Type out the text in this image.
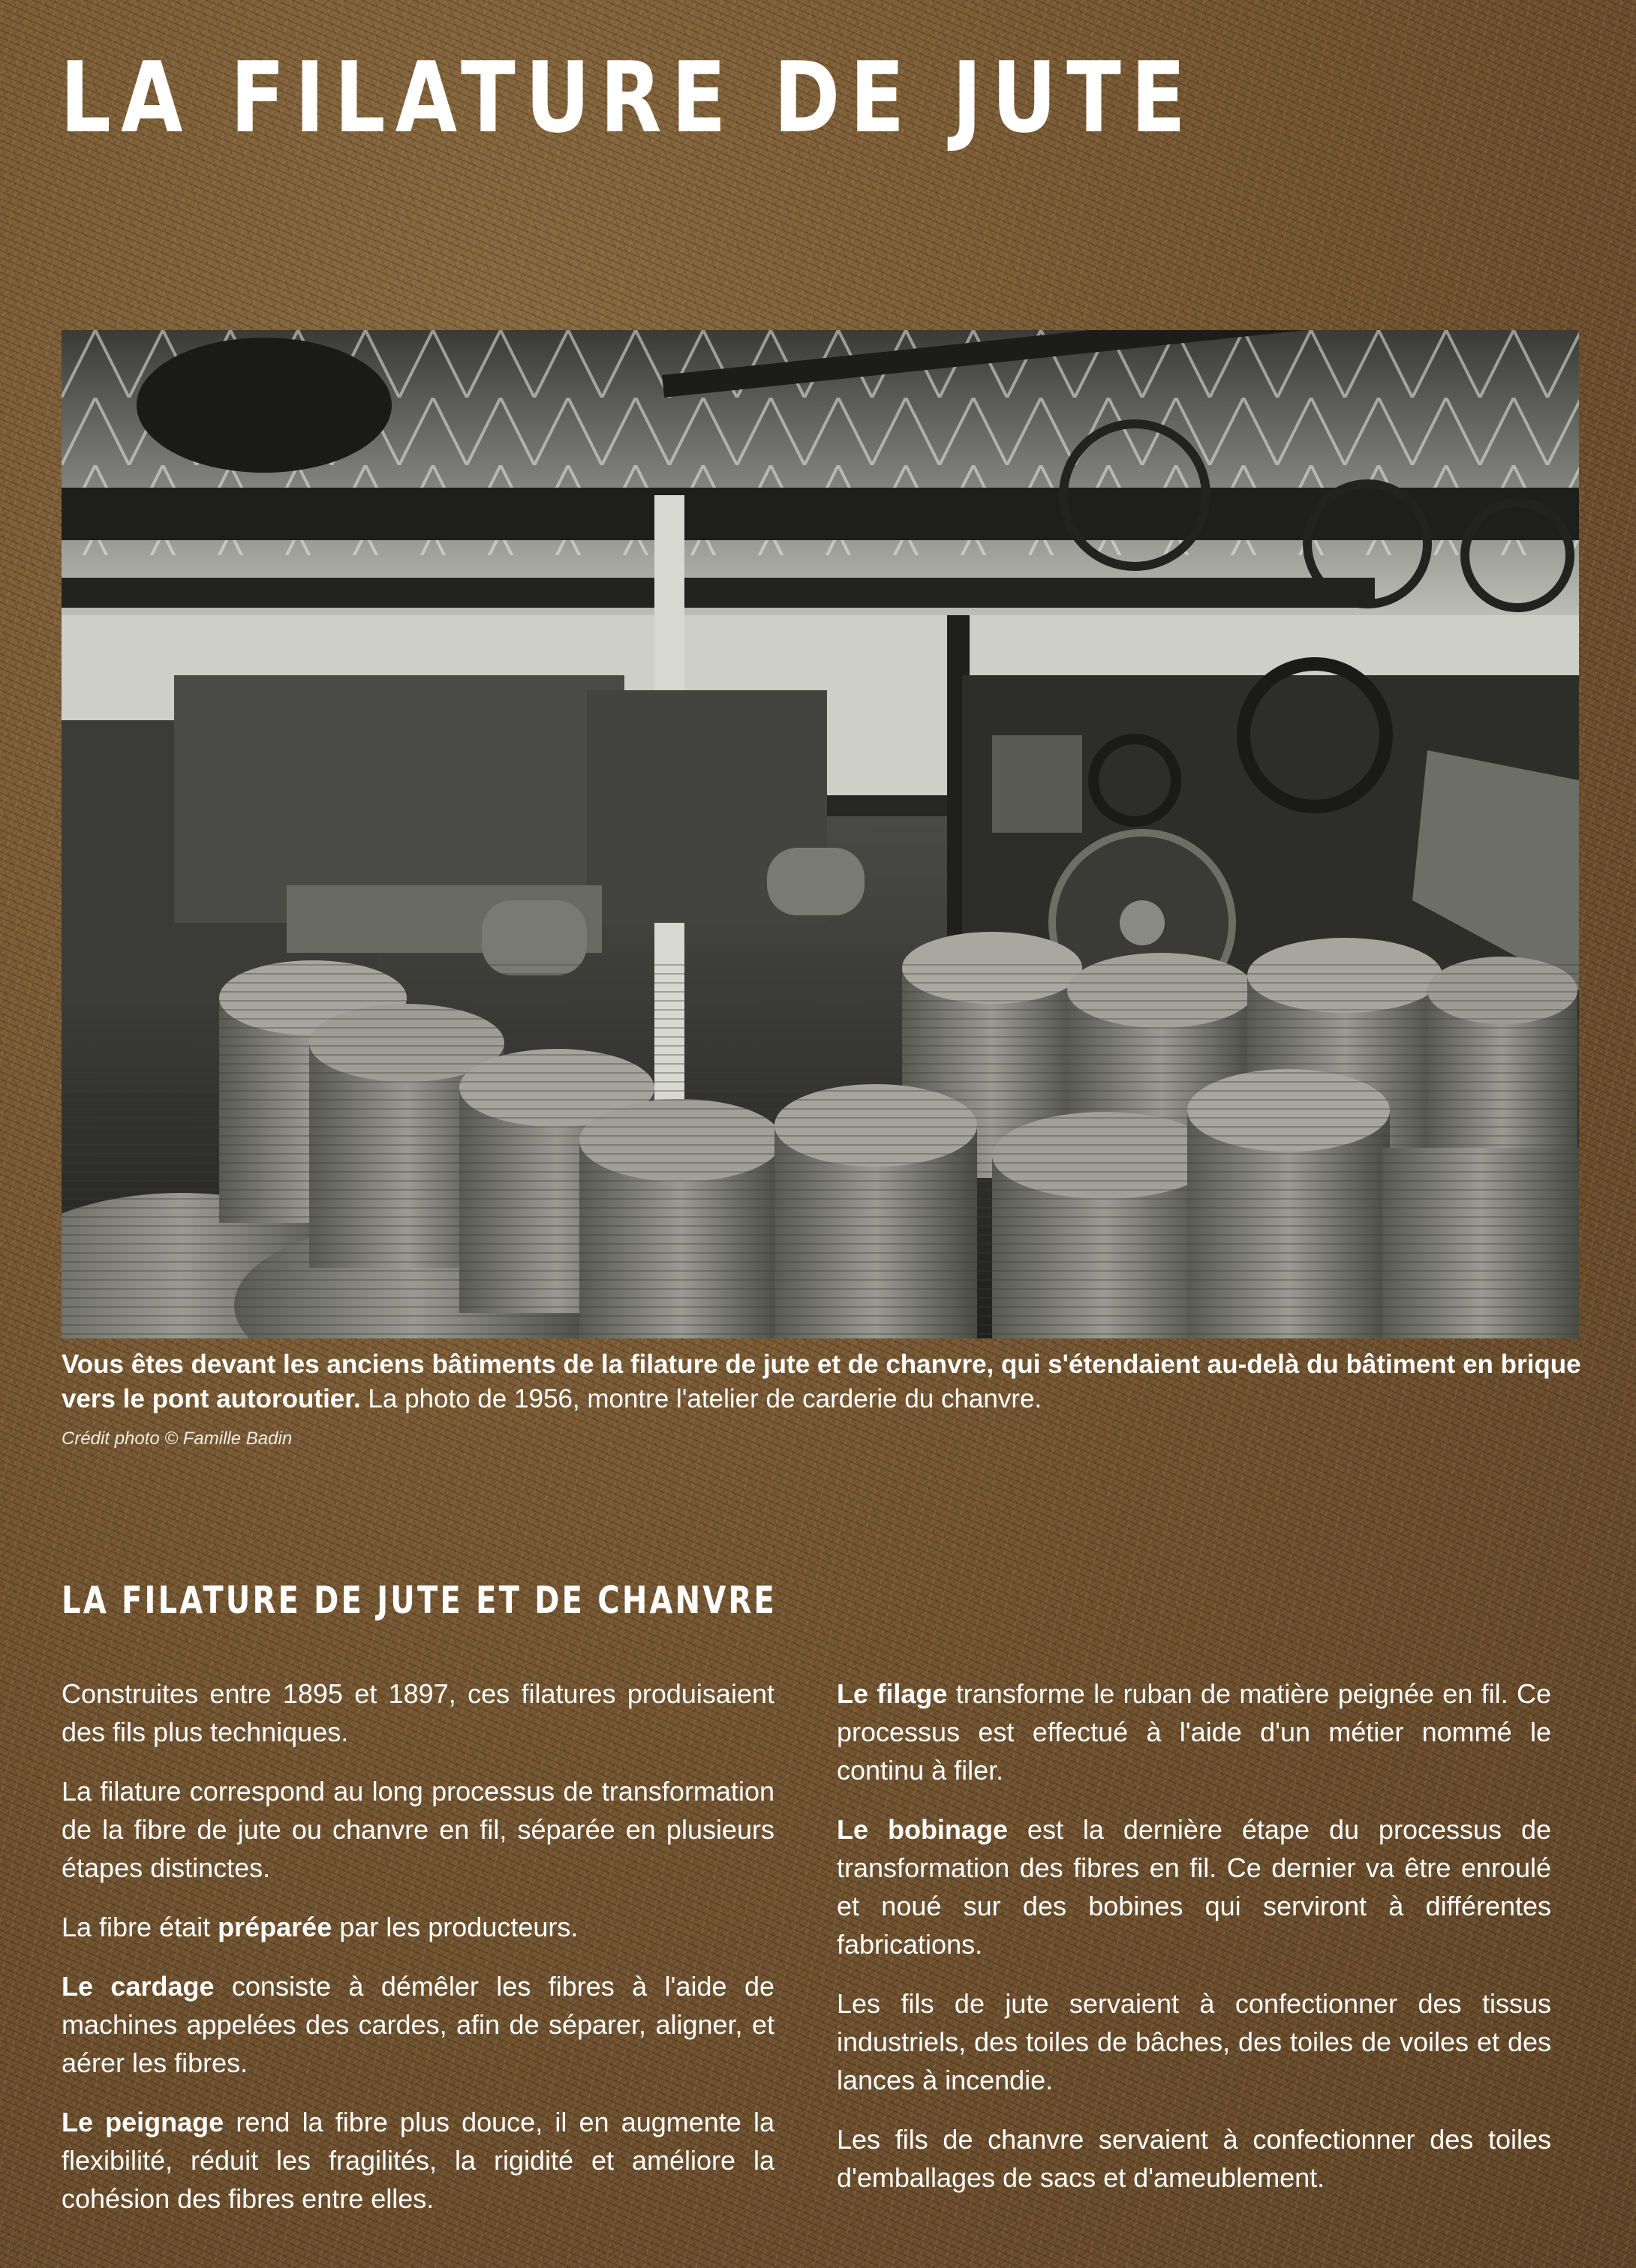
LA FILATURE DE JUTE

Vous êtes devant les anciens bâtiments de la filature de jute et de chanvre, qui s'étendaient au-delà du bâtiment en brique vers le pont autoroutier. La photo de 1956, montre l'atelier de carderie du chanvre.

Crédit photo © Famille Badin

LA FILATURE DE JUTE ET DE CHANVRE

Construites entre 1895 et 1897, ces filatures produisaient des fils plus techniques.

La filature correspond au long processus de transformation de la fibre de jute ou chanvre en fil, séparée en plusieurs étapes distinctes.

La fibre était préparée par les producteurs.

Le cardage consiste à démêler les fibres à l'aide de machines appelées des cardes, afin de séparer, aligner, et aérer les fibres.

Le peignage rend la fibre plus douce, il en augmente la flexibilité, réduit les fragilités, la rigidité et améliore la cohésion des fibres entre elles.

Le filage transforme le ruban de matière peignée en fil. Ce processus est effectué à l'aide d'un métier nommé le continu à filer.

Le bobinage est la dernière étape du processus de transformation des fibres en fil. Ce dernier va être enroulé et noué sur des bobines qui serviront à différentes fabrications.

Les fils de jute servaient à confectionner des tissus industriels, des toiles de bâches, des toiles de voiles et des lances à incendie.

Les fils de chanvre servaient à confectionner des toiles d'emballages de sacs et d'ameublement.
